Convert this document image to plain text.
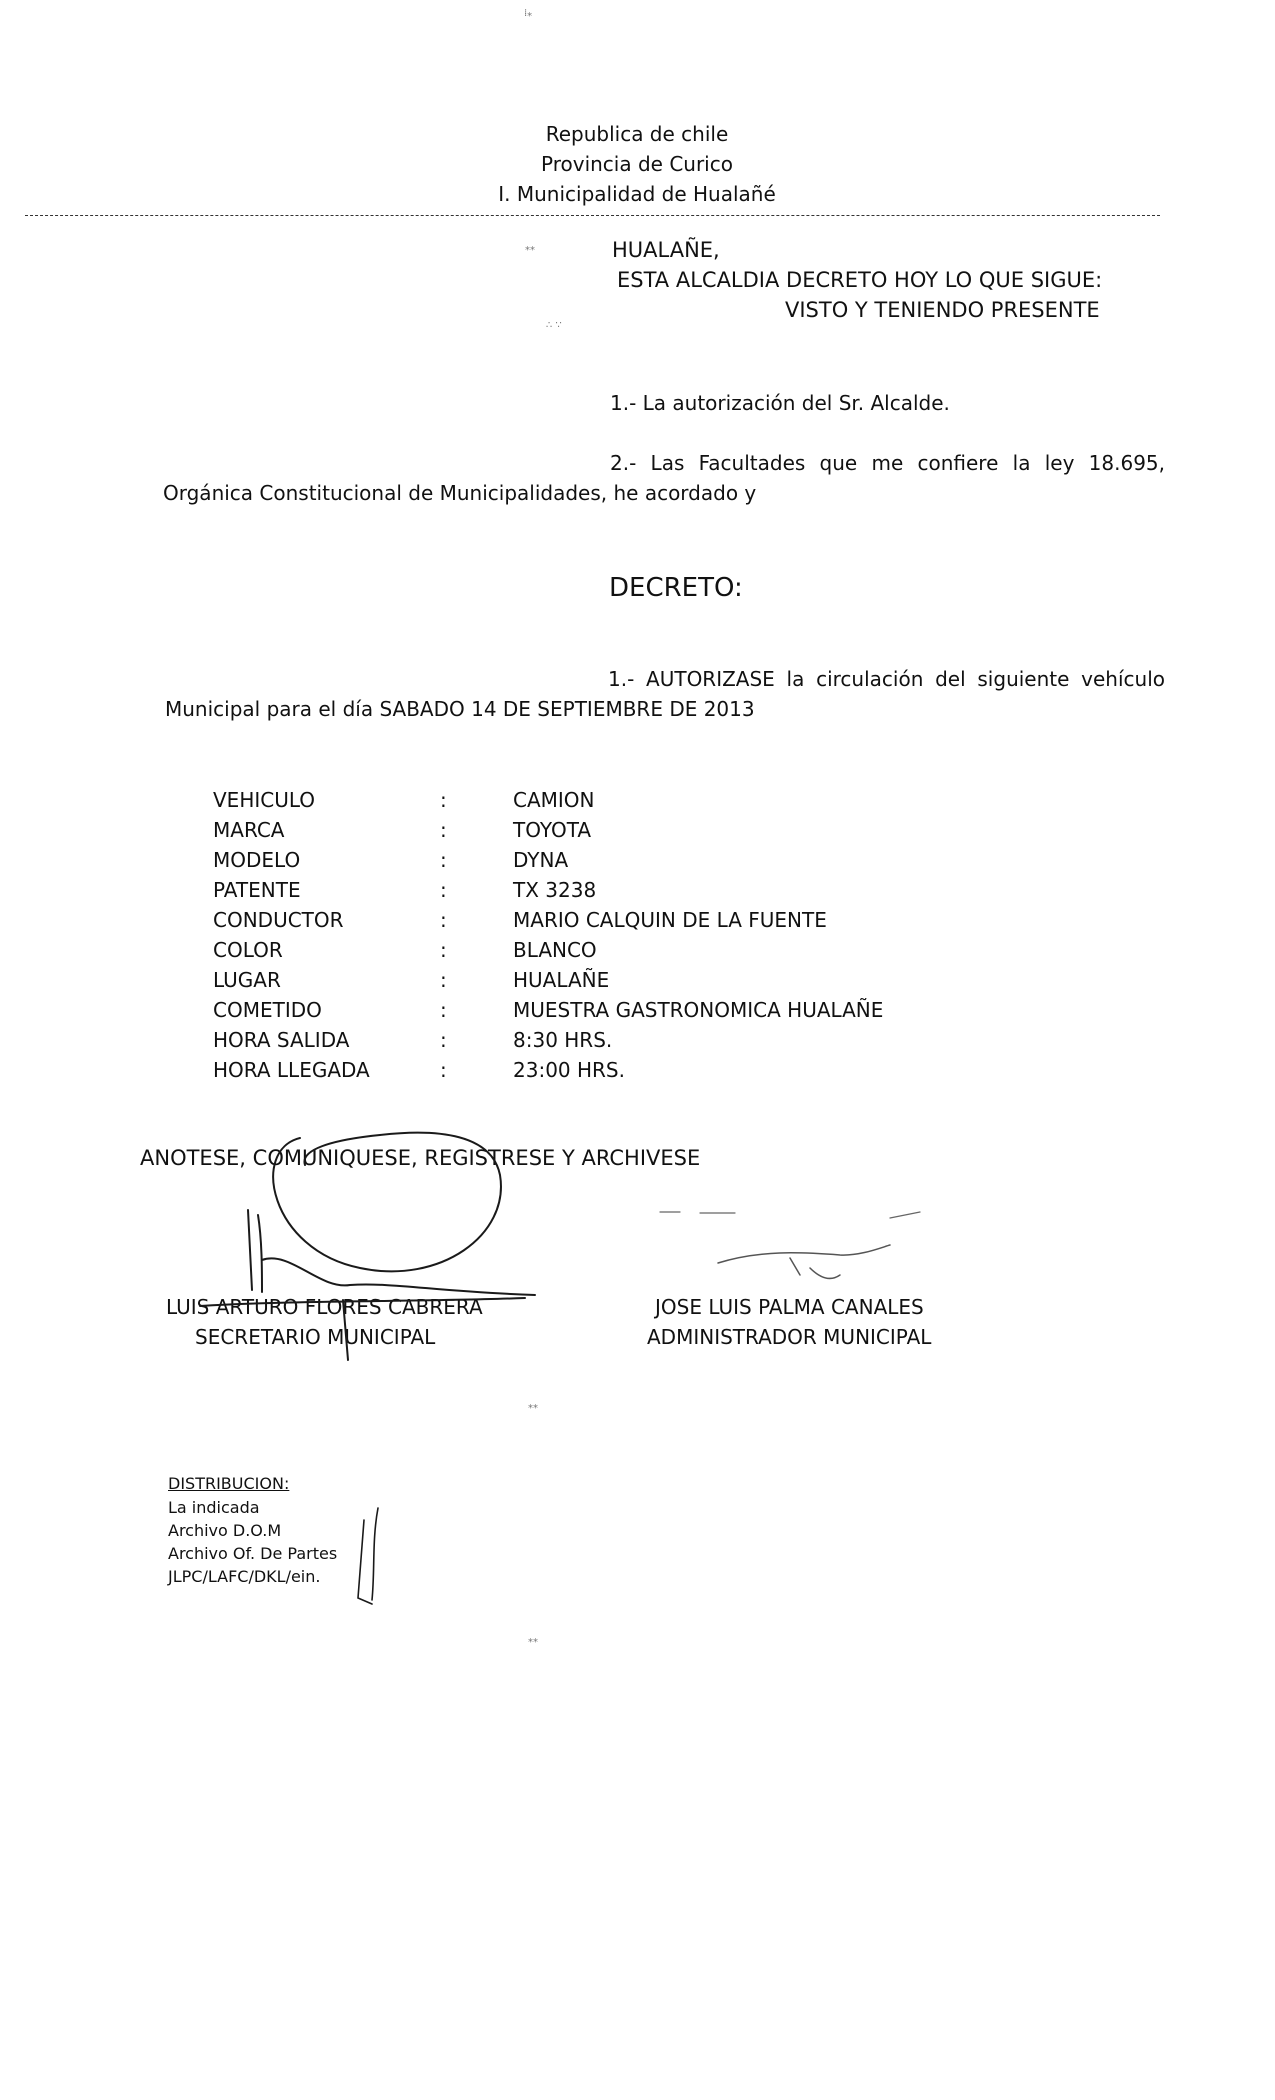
Republica de chile
Provincia de Curico
I. Municipalidad de Hualañé
HUALAÑE,
ESTA ALCALDIA DECRETO HOY LO QUE SIGUE:
VISTO Y TENIENDO PRESENTE
1.- La autorización del Sr. Alcalde.
2.- Las Facultades que me confiere la ley 18.695,
Orgánica Constitucional de Municipalidades, he acordado y
DECRETO:
1.- AUTORIZASE la circulación del siguiente vehículo
Municipal para el día SABADO 14 DE SEPTIEMBRE DE 2013
VEHICULO	:	CAMION
MARCA	:	TOYOTA
MODELO	:	DYNA
PATENTE	:	TX 3238
CONDUCTOR	:	MARIO CALQUIN DE LA FUENTE
COLOR	:	BLANCO
LUGAR	:	HUALAÑE
COMETIDO	:	MUESTRA GASTRONOMICA HUALAÑE
HORA SALIDA	:	8:30 HRS.
HORA LLEGADA	:	23:00 HRS.
ANOTESE, COMUNIQUESE, REGISTRESE Y ARCHIVESE
LUIS ARTURO FLORES CABRERA
SECRETARIO MUNICIPAL
JOSE LUIS PALMA CANALES
ADMINISTRADOR MUNICIPAL
DISTRIBUCION:
La indicada
Archivo D.O.M
Archivo Of. De Partes
JLPC/LAFC/DKL/ein.
⁞⁎
⁎⁎
∴ ∵
⁎⁎
⁎⁎
